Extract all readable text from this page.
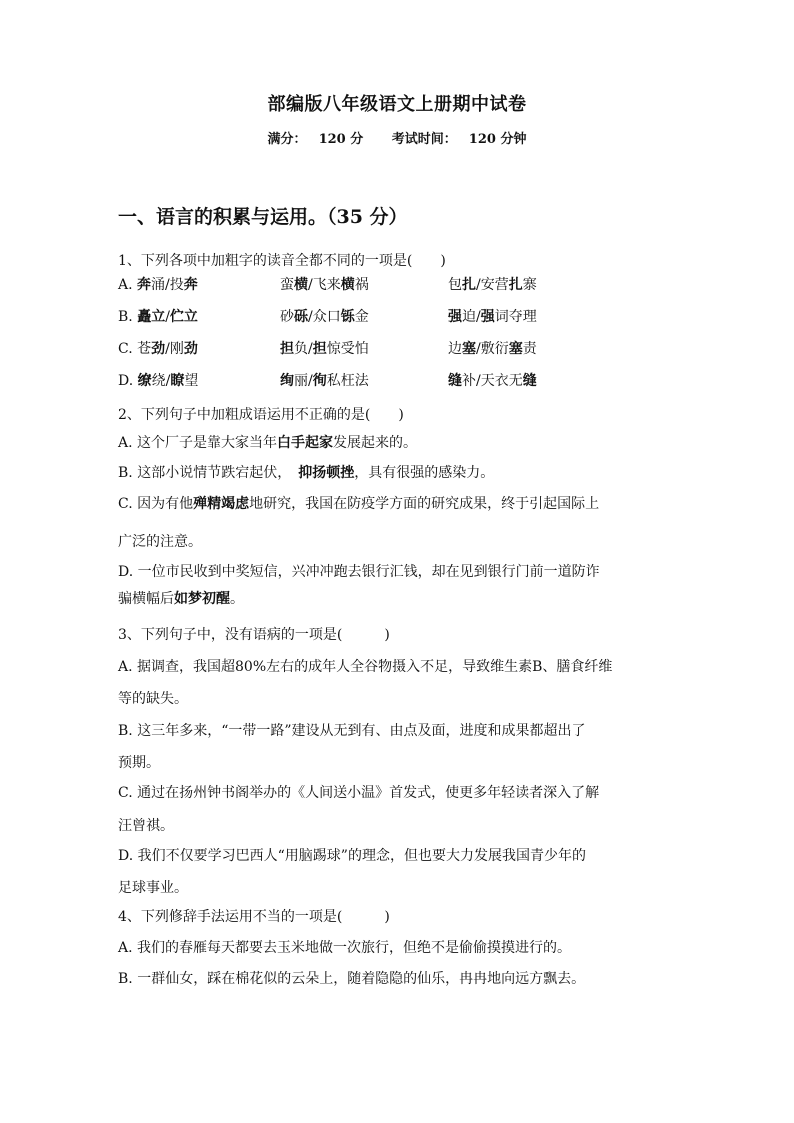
部编版八年级语文上册期中试卷
满分： 120 分 考试时间： 120 分钟
一、语言的积累与运用。（35 分）
1、下列各项中加粗字的读音全都不同的一项是(　　)
A. 奔涌/投奔	蛮横/飞来横祸	包扎/安营扎寨
B. 矗立/伫立	砂砾/众口铄金	强迫/强词夺理
C. 苍劲/刚劲	担负/担惊受怕	边塞/敷衍塞责
D. 缭绕/瞭望	绚丽/徇私枉法	缝补/天衣无缝
2、下列句子中加粗成语运用不正确的是(　　)
A. 这个厂子是靠大家当年白手起家发展起来的。
B. 这部小说情节跌宕起伏，　抑扬顿挫，具有很强的感染力。
C. 因为有他殚精竭虑地研究，我国在防疫学方面的研究成果，终于引起国际上
广泛的注意。
D. 一位市民收到中奖短信，兴冲冲跑去银行汇钱，却在见到银行门前一道防诈
骗横幅后如梦初醒。
3、下列句子中，没有语病的一项是(　　　)
A. 据调查，我国超80%左右的成年人全谷物摄入不足，导致维生素B、膳食纤维
等的缺失。
B. 这三年多来，“一带一路”建设从无到有、由点及面，进度和成果都超出了
预期。
C. 通过在扬州钟书阁举办的《人间送小温》首发式，使更多年轻读者深入了解
汪曾祺。
D. 我们不仅要学习巴西人“用脑踢球”的理念，但也要大力发展我国青少年的
足球事业。
4、下列修辞手法运用不当的一项是(　　　)
A. 我们的春雁每天都要去玉米地做一次旅行，但绝不是偷偷摸摸进行的。
B. 一群仙女，踩在棉花似的云朵上，随着隐隐的仙乐，冉冉地向远方飘去。
